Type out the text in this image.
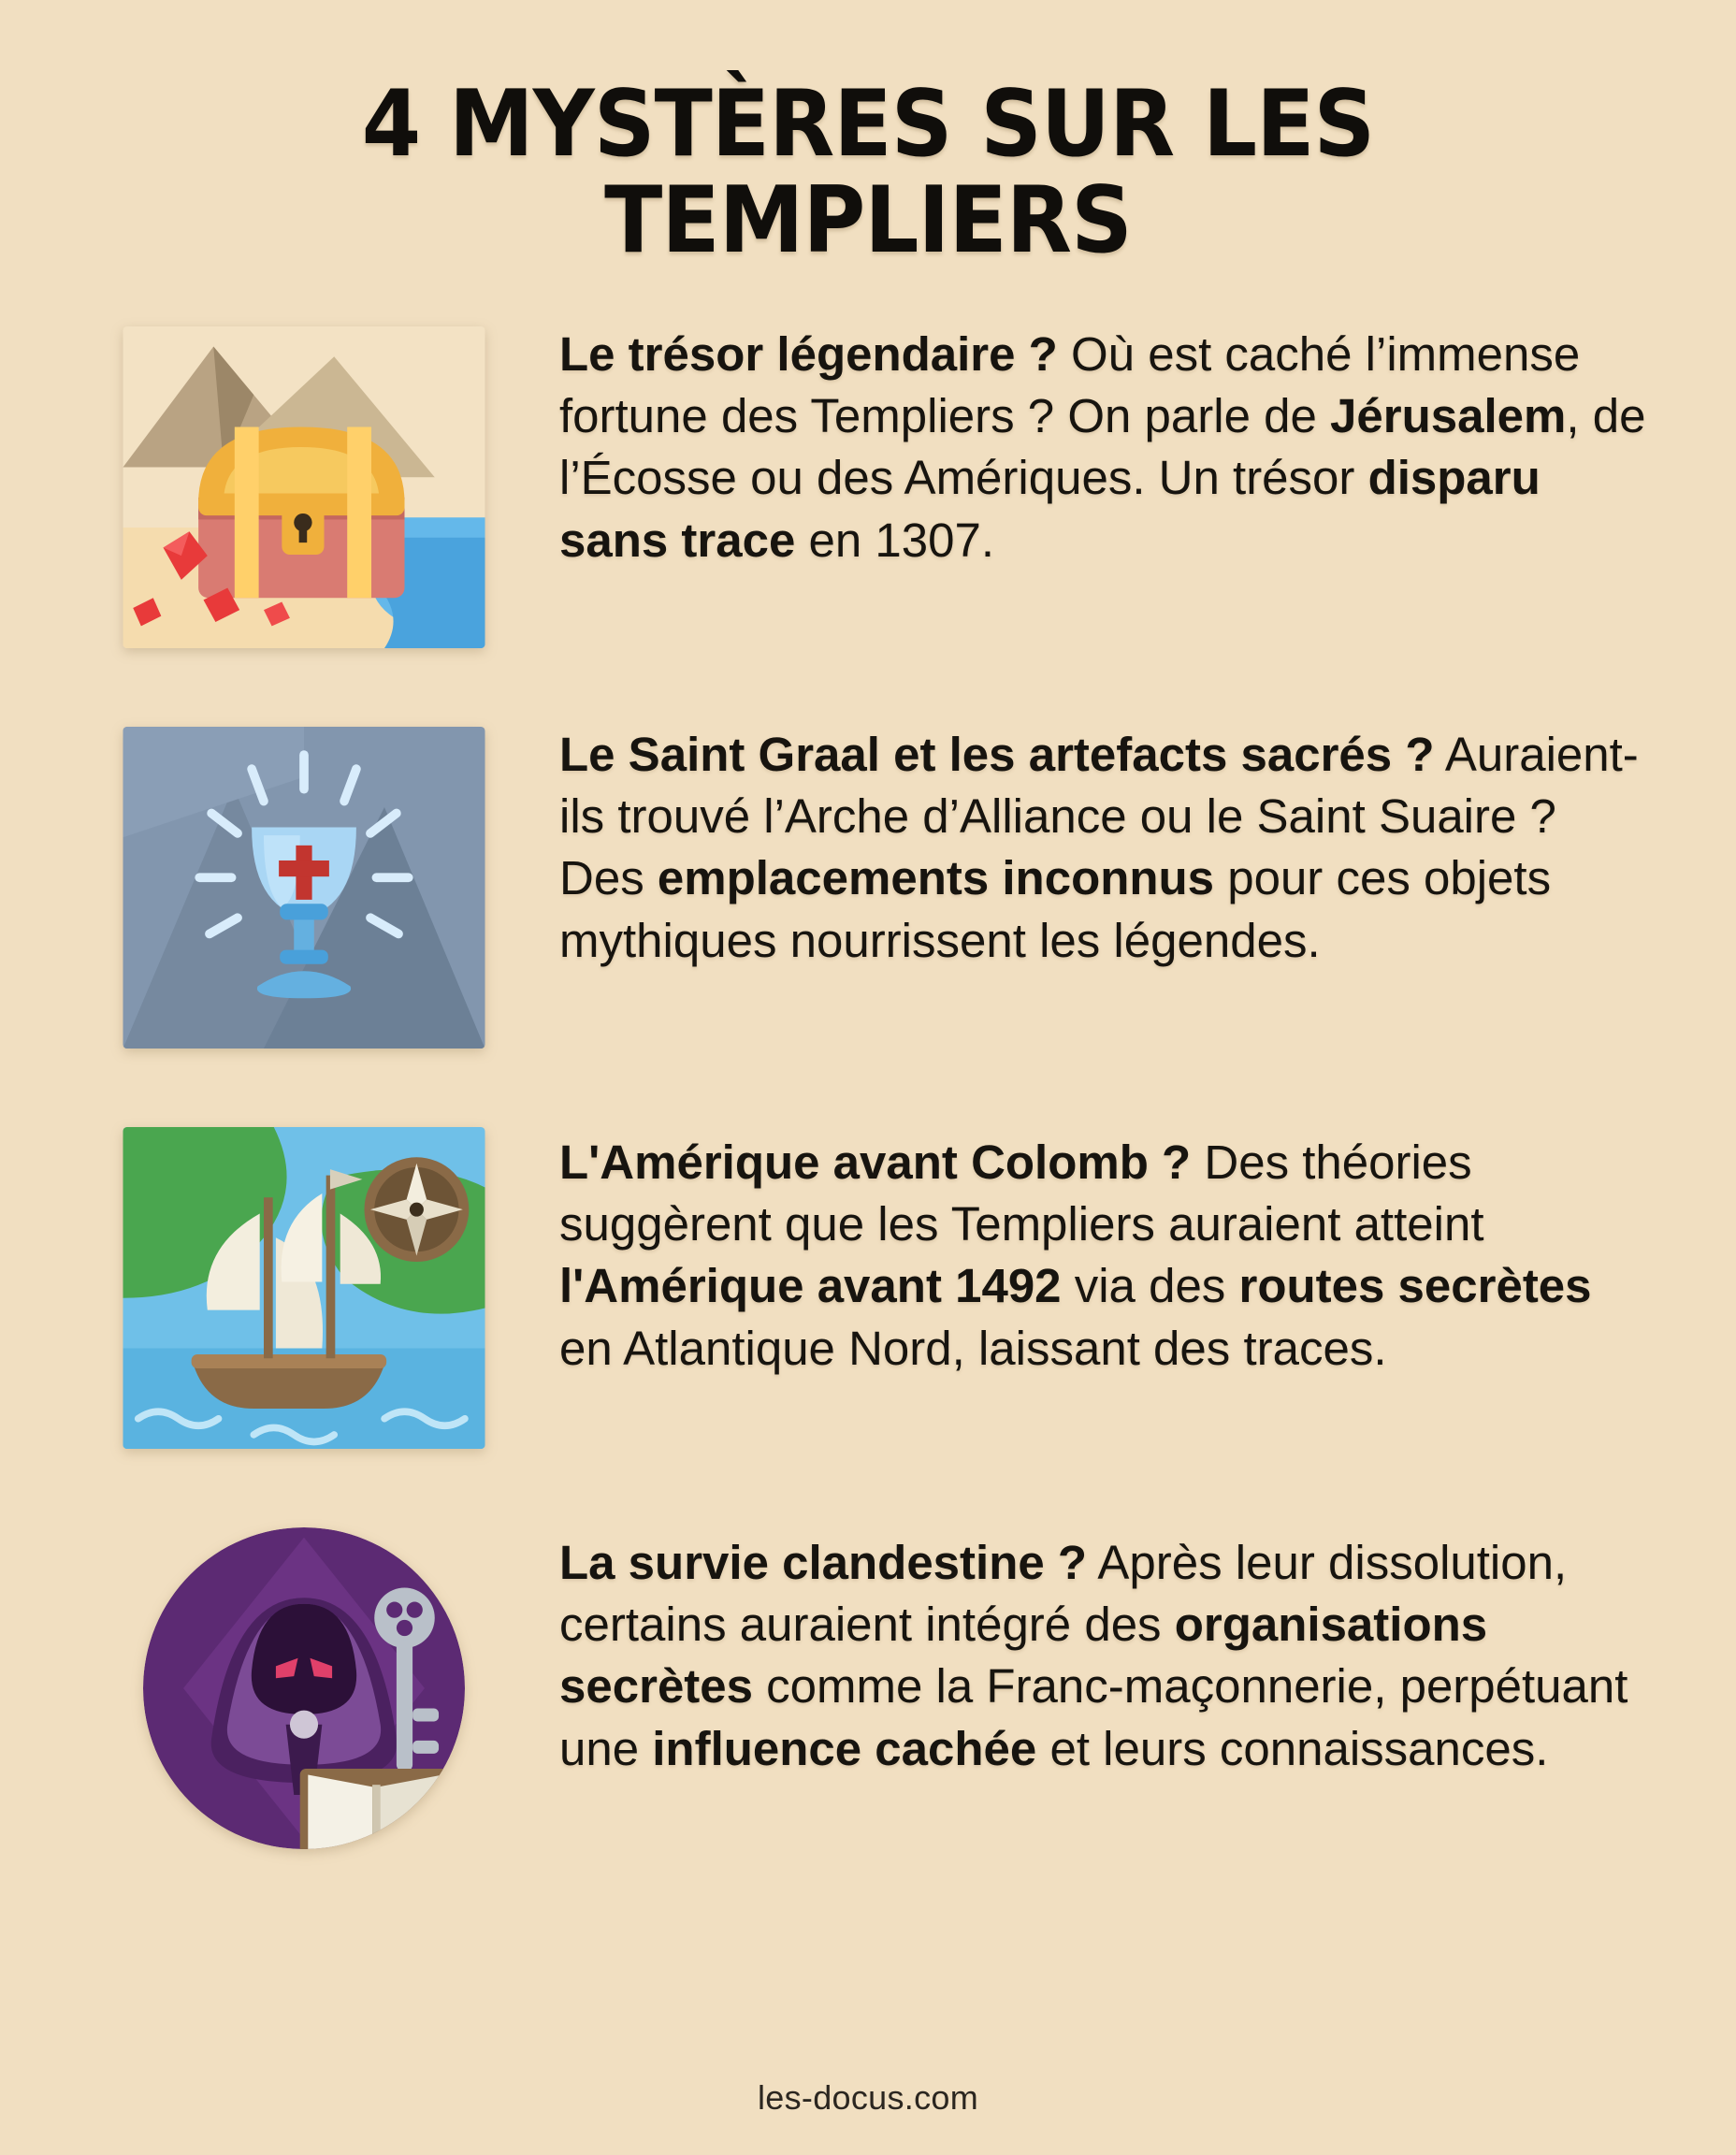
4 MYSTÈRES SUR LES TEMPLIERS
Le trésor légendaire ? Où est caché l’immense fortune des Templiers ? On parle de Jérusalem, de l’Écosse ou des Amériques. Un trésor disparu sans trace en 1307.
Le Saint Graal et les artefacts sacrés ? Auraient-ils trouvé l’Arche d’Alliance ou le Saint Suaire ? Des emplacements inconnus pour ces objets mythiques nourrissent les légendes.
L'Amérique avant Colomb ? Des théories suggèrent que les Templiers auraient atteint l'Amérique avant 1492 via des routes secrètes en Atlantique Nord, laissant des traces.
La survie clandestine ? Après leur dissolution, certains auraient intégré des organisations secrètes comme la Franc-maçonnerie, perpétuant une influence cachée et leurs connaissances.
les-docus.com
